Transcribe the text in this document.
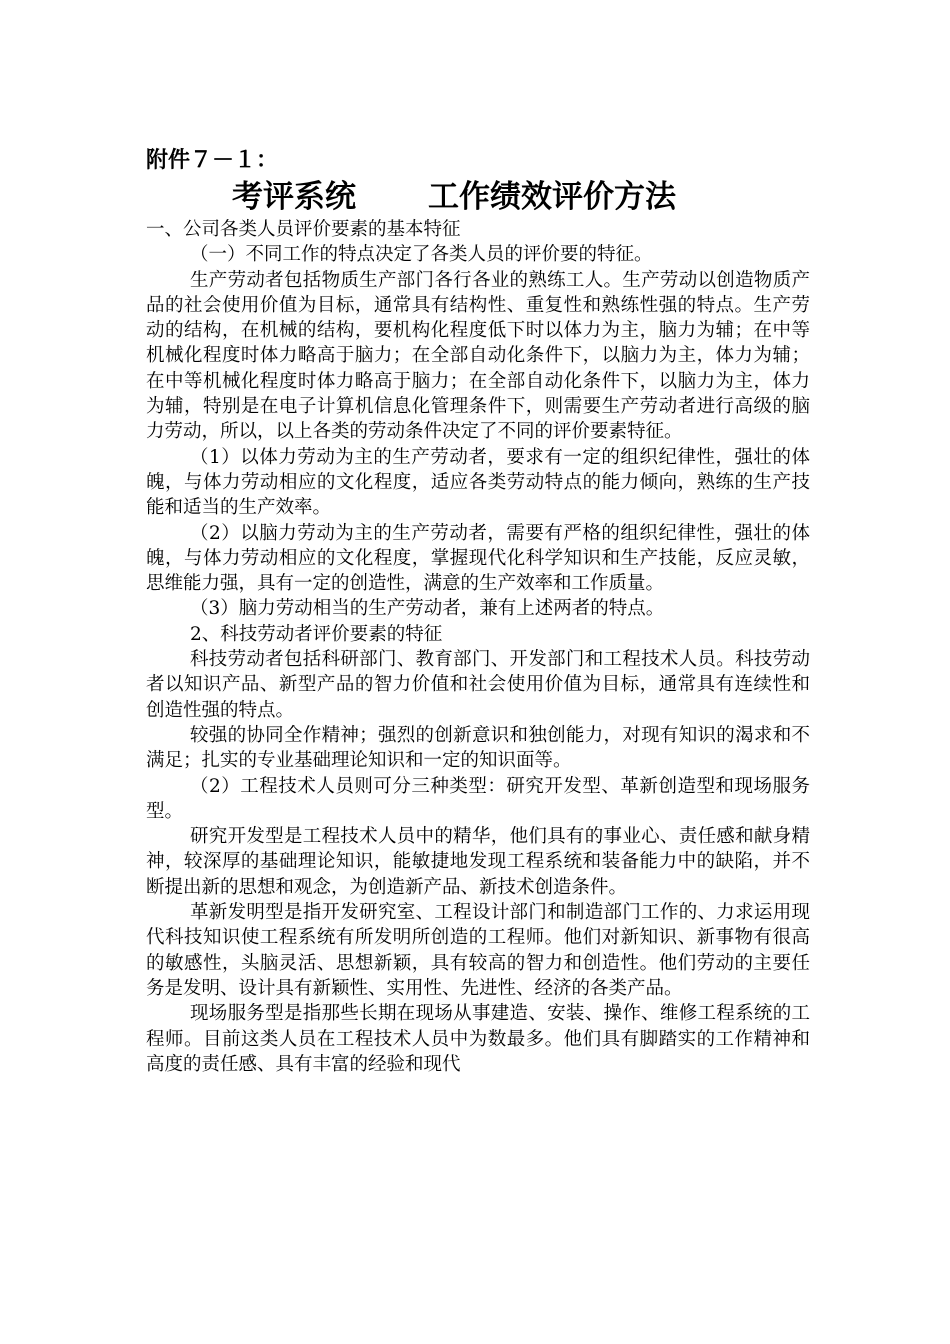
附件７－１：
考评系统 工作绩效评价方法

一、公司各类人员评价要素的基本特征

（一）不同工作的特点决定了各类人员的评价要的特征。

生产劳动者包括物质生产部门各行各业的熟练工人。生产劳动以创造物质产品的社会使用价值为目标，通常具有结构性、重复性和熟练性强的特点。生产劳动的结构，在机械的结构，要机构化程度低下时以体力为主，脑力为辅；在中等机械化程度时体力略高于脑力；在全部自动化条件下，以脑力为主，体力为辅；在中等机械化程度时体力略高于脑力；在全部自动化条件下，以脑力为主，体力为辅，特别是在电子计算机信息化管理条件下，则需要生产劳动者进行高级的脑力劳动，所以，以上各类的劳动条件决定了不同的评价要素特征。

（1）以体力劳动为主的生产劳动者，要求有一定的组织纪律性，强壮的体魄，与体力劳动相应的文化程度，适应各类劳动特点的能力倾向，熟练的生产技能和适当的生产效率。

（2）以脑力劳动为主的生产劳动者，需要有严格的组织纪律性，强壮的体魄，与体力劳动相应的文化程度，掌握现代化科学知识和生产技能，反应灵敏，思维能力强，具有一定的创造性，满意的生产效率和工作质量。

（3）脑力劳动相当的生产劳动者，兼有上述两者的特点。

2、科技劳动者评价要素的特征

科技劳动者包括科研部门、教育部门、开发部门和工程技术人员。科技劳动者以知识产品、新型产品的智力价值和社会使用价值为目标，通常具有连续性和创造性强的特点。

较强的协同全作精神；强烈的创新意识和独创能力，对现有知识的渴求和不满足；扎实的专业基础理论知识和一定的知识面等。

（2）工程技术人员则可分三种类型：研究开发型、革新创造型和现场服务型。

研究开发型是工程技术人员中的精华，他们具有的事业心、责任感和献身精神，较深厚的基础理论知识，能敏捷地发现工程系统和装备能力中的缺陷，并不断提出新的思想和观念，为创造新产品、新技术创造条件。

革新发明型是指开发研究室、工程设计部门和制造部门工作的、力求运用现代科技知识使工程系统有所发明所创造的工程师。他们对新知识、新事物有很高的敏感性，头脑灵活、思想新颖，具有较高的智力和创造性。他们劳动的主要任务是发明、设计具有新颖性、实用性、先进性、经济的各类产品。

现场服务型是指那些长期在现场从事建造、安装、操作、维修工程系统的工程师。目前这类人员在工程技术人员中为数最多。他们具有脚踏实的工作精神和高度的责任感、具有丰富的经验和现代
